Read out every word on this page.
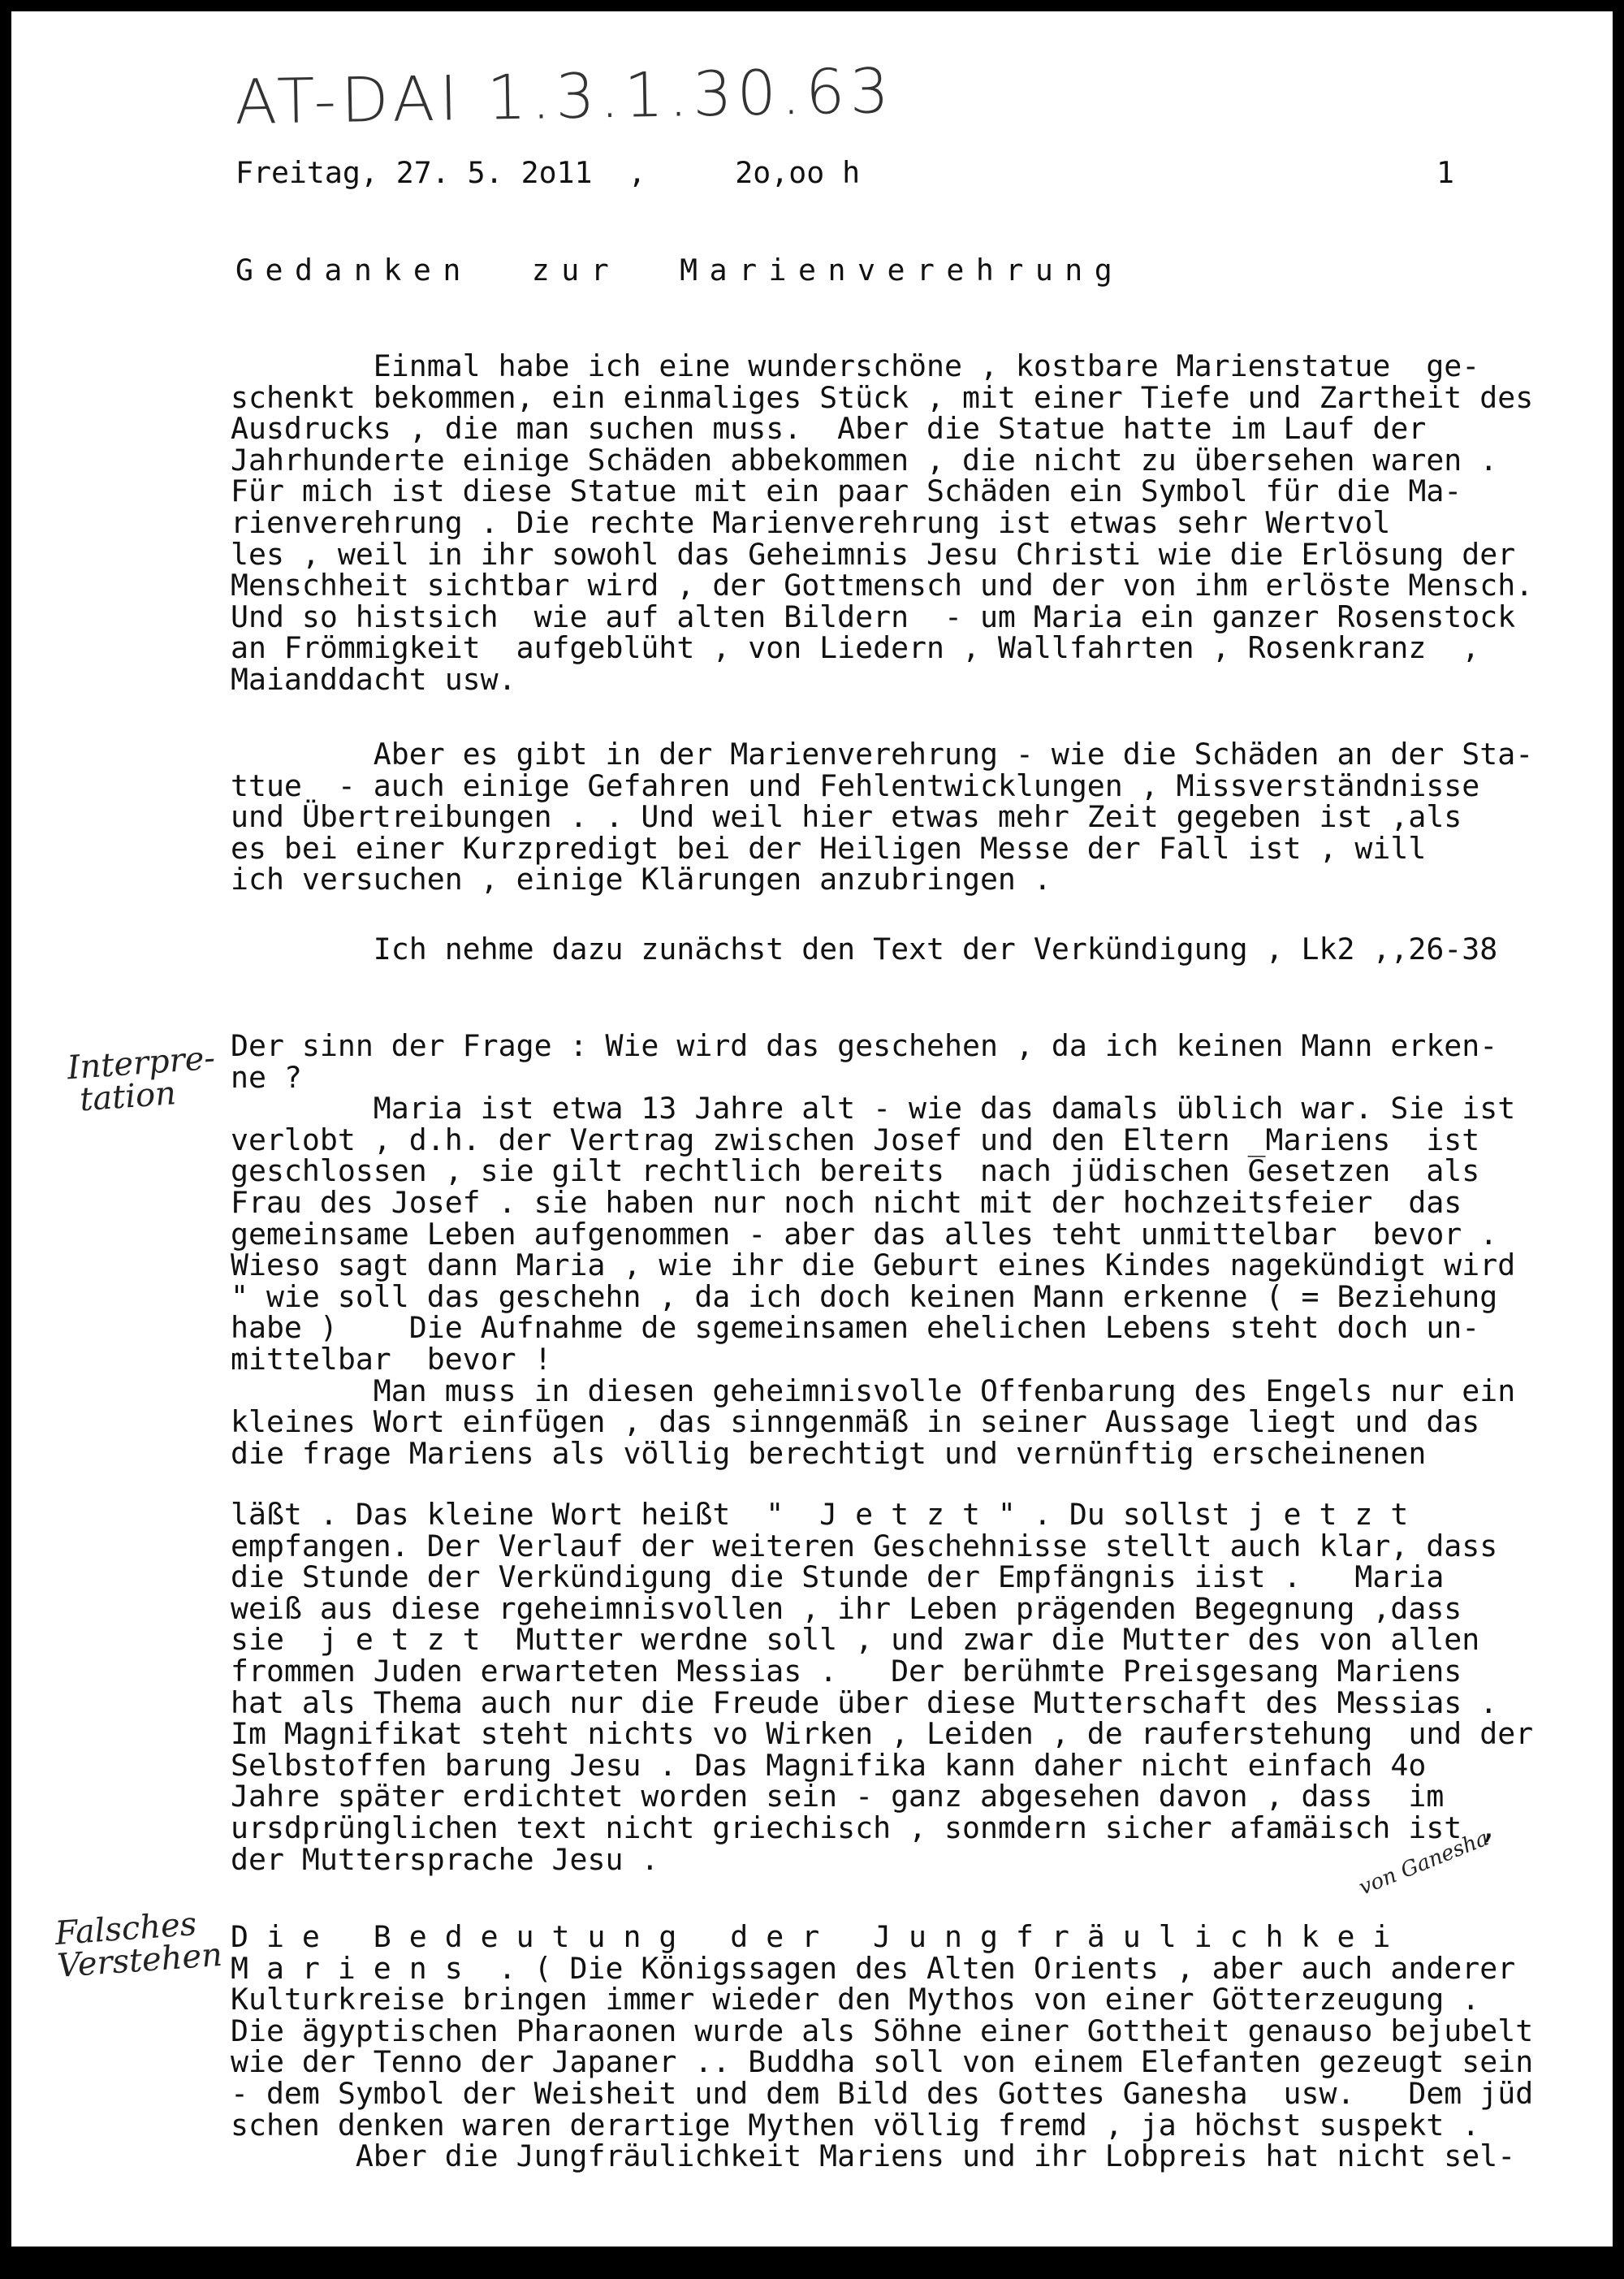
AT-DAI 1.3.1.30.63
Freitag, 27. 5. 2o11  ,     2o,oo h	1
Gedanken  zur  Marienverehrung
Einmal habe ich eine wunderschöne , kostbare Marienstatue  ge-
schenkt bekommen, ein einmaliges Stück , mit einer Tiefe und Zartheit des
Ausdrucks , die man suchen muss.  Aber die Statue hatte im Lauf der
Jahrhunderte einige Schäden abbekommen , die nicht zu übersehen waren .
Für mich ist diese Statue mit ein paar Schäden ein Symbol für die Ma-
rienverehrung . Die rechte Marienverehrung ist etwas sehr Wertvol
les , weil in ihr sowohl das Geheimnis Jesu Christi wie die Erlösung der
Menschheit sichtbar wird , der Gottmensch und der von ihm erlöste Mensch.
Und so histsich  wie auf alten Bildern  - um Maria ein ganzer Rosenstock
an Frömmigkeit  aufgeblüht , von Liedern , Wallfahrten , Rosenkranz  ,
Maianddacht usw.
Aber es gibt in der Marienverehrung - wie die Schäden an der Sta-
ttue  - auch einige Gefahren und Fehlentwicklungen , Missverständnisse
und Übertreibungen . . Und weil hier etwas mehr Zeit gegeben ist ,als
es bei einer Kurzpredigt bei der Heiligen Messe der Fall ist , will
ich versuchen , einige Klärungen anzubringen .
Ich nehme dazu zunächst den Text der Verkündigung , Lk2 ,,26-38
Der sinn der Frage : Wie wird das geschehen , da ich keinen Mann erken-
ne ?
Maria ist etwa 13 Jahre alt - wie das damals üblich war. Sie ist
verlobt , d.h. der Vertrag zwischen Josef und den Eltern _Mariens  ist
geschlossen , sie gilt rechtlich bereits  nach jüdischen Gesetzen  als
Frau des Josef . sie haben nur noch nicht mit der hochzeitsfeier  das
gemeinsame Leben aufgenommen - aber das alles teht unmittelbar  bevor .
Wieso sagt dann Maria , wie ihr die Geburt eines Kindes nagekündigt wird
" wie soll das geschehn , da ich doch keinen Mann erkenne ( = Beziehung
habe )    Die Aufnahme de sgemeinsamen ehelichen Lebens steht doch un-
mittelbar  bevor !
Man muss in diesen geheimnisvolle Offenbarung des Engels nur ein
kleines Wort einfügen , das sinngenmäß in seiner Aussage liegt und das
die frage Mariens als völlig berechtigt und vernünftig erscheinenen
läßt . Das kleine Wort heißt  "  J e t z t " . Du sollst j e t z t
empfangen. Der Verlauf der weiteren Geschehnisse stellt auch klar, dass
die Stunde der Verkündigung die Stunde der Empfängnis iist .   Maria
weiß aus diese rgeheimnisvollen , ihr Leben prägenden Begegnung ,dass
sie  j e t z t  Mutter werdne soll , und zwar die Mutter des von allen
frommen Juden erwarteten Messias .   Der berühmte Preisgesang Mariens
hat als Thema auch nur die Freude über diese Mutterschaft des Messias .
Im Magnifikat steht nichts vo Wirken , Leiden , de rauferstehung  und der
Selbstoffen barung Jesu . Das Magnifika kann daher nicht einfach 4o
Jahre später erdichtet worden sein - ganz abgesehen davon , dass  im
ursdprünglichen text nicht griechisch , sonmdern sicher afamäisch ist ,
der Muttersprache Jesu .
D i e   B e d e u t u n g   d e r   J u n g f r ä u l i c h k e i
M a r i e n s  . ( Die Königssagen des Alten Orients , aber auch anderer
Kulturkreise bringen immer wieder den Mythos von einer Götterzeugung .
Die ägyptischen Pharaonen wurde als Söhne einer Gottheit genauso bejubelt
wie der Tenno der Japaner .. Buddha soll von einem Elefanten gezeugt sein
- dem Symbol der Weisheit und dem Bild des Gottes Ganesha  usw.   Dem jüd
schen denken waren derartige Mythen völlig fremd , ja höchst suspekt .
Aber die Jungfräulichkeit Mariens und ihr Lobpreis hat nicht sel-
Interpre-
tation
Falsches
Verstehen
von Ganesha
